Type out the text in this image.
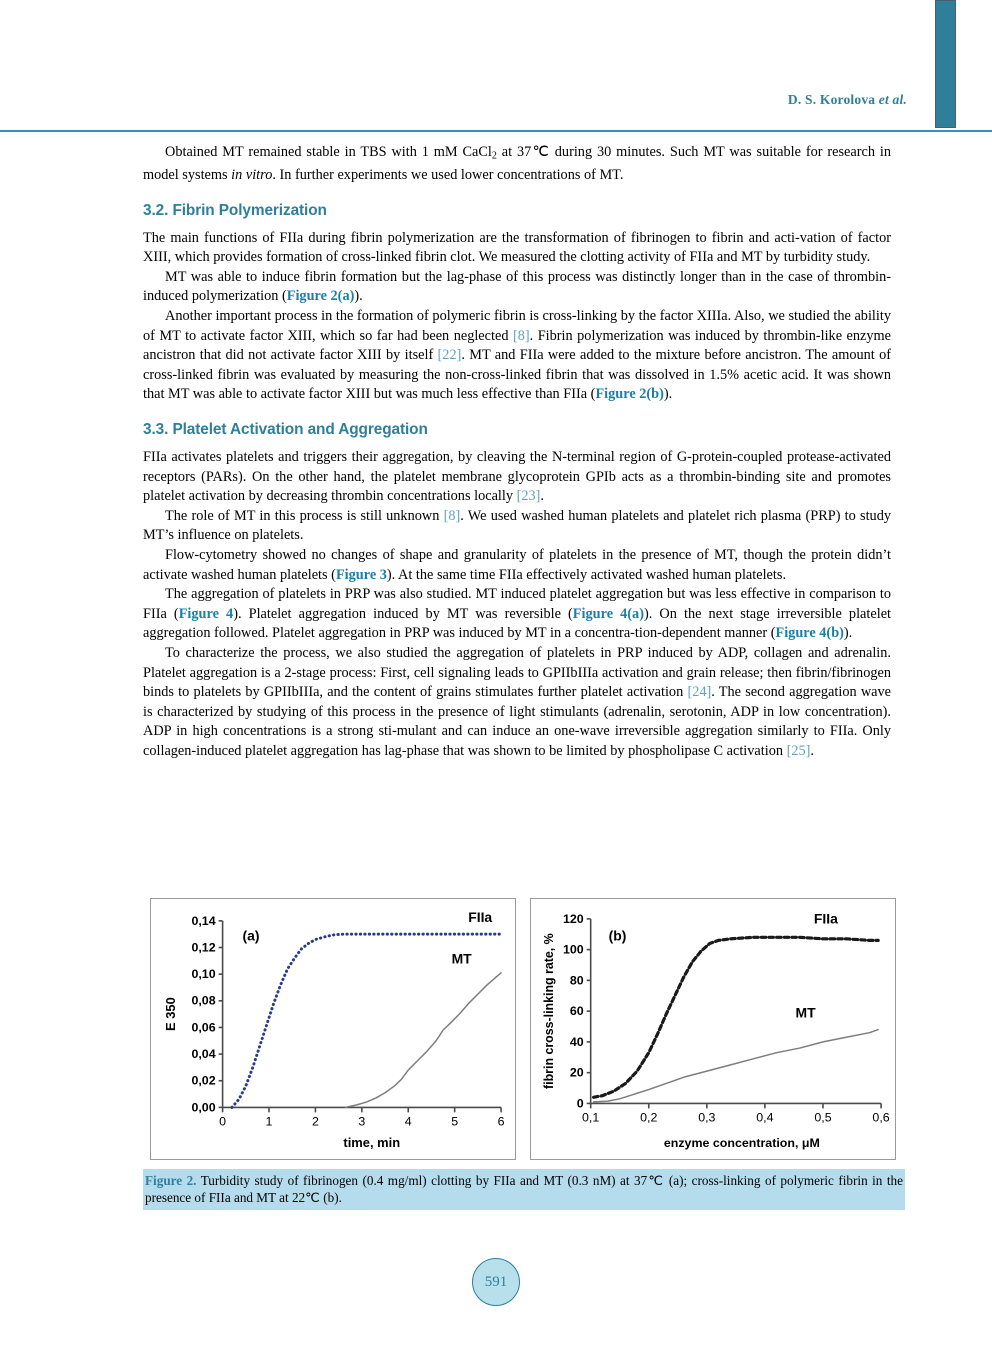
D. S. Korolova et al.

Obtained MT remained stable in TBS with 1 mM CaCl$_2$ at 37℃ during 30 minutes. Such MT was suitable for research in model systems in vitro. In further experiments we used lower concentrations of MT.

3.2. Fibrin Polymerization

The main functions of FIIa during fibrin polymerization are the transformation of fibrinogen to fibrin and acti-vation of factor XIII, which provides formation of cross-linked fibrin clot. We measured the clotting activity of FIIa and MT by turbidity study.

MT was able to induce fibrin formation but the lag-phase of this process was distinctly longer than in the case of thrombin-induced polymerization (Figure 2(a)).

Another important process in the formation of polymeric fibrin is cross-linking by the factor XIIIa. Also, we studied the ability of MT to activate factor XIII, which so far had been neglected [8]. Fibrin polymerization was induced by thrombin-like enzyme ancistron that did not activate factor XIII by itself [22]. MT and FIIa were added to the mixture before ancistron. The amount of cross-linked fibrin was evaluated by measuring the non-cross-linked fibrin that was dissolved in 1.5% acetic acid. It was shown that MT was able to activate factor XIII but was much less effective than FIIa (Figure 2(b)).

3.3. Platelet Activation and Aggregation

FIIa activates platelets and triggers their aggregation, by cleaving the N-terminal region of G-protein-coupled protease-activated receptors (PARs). On the other hand, the platelet membrane glycoprotein GPIb acts as a thrombin-binding site and promotes platelet activation by decreasing thrombin concentrations locally [23].

The role of MT in this process is still unknown [8]. We used washed human platelets and platelet rich plasma (PRP) to study MT’s influence on platelets.

Flow-cytometry showed no changes of shape and granularity of platelets in the presence of MT, though the protein didn’t activate washed human platelets (Figure 3). At the same time FIIa effectively activated washed human platelets.

The aggregation of platelets in PRP was also studied. MT induced platelet aggregation but was less effective in comparison to FIIa (Figure 4). Platelet aggregation induced by MT was reversible (Figure 4(a)). On the next stage irreversible platelet aggregation followed. Platelet aggregation in PRP was induced by MT in a concentra-tion-dependent manner (Figure 4(b)).

To characterize the process, we also studied the aggregation of platelets in PRP induced by ADP, collagen and adrenalin. Platelet aggregation is a 2-stage process: First, cell signaling leads to GPIIbIIIa activation and grain release; then fibrin/fibrinogen binds to platelets by GPIIbIIIa, and the content of grains stimulates further platelet activation [24]. The second aggregation wave is characterized by studying of this process in the presence of light stimulants (adrenalin, serotonin, ADP in low concentration). ADP in high concentrations is a strong sti-mulant and can induce an one-wave irreversible aggregation similarly to FIIa. Only collagen-induced platelet aggregation has lag-phase that was shown to be limited by phospholipase C activation [25].

0,00
0,02
0,04
0,06
0,08
0,10
0,12
0,14
0	1	2	3	4	5	6
FIIa
MT
(a)
time, min
E 350
0
20
40
60
80
100
120
0,1	0,2	0,3	0,4	0,5	0,6
FIIa
MT
(b)
enzyme concentration, μM
fibrin cross-linking rate, %
Figure 2. Turbidity study of fibrinogen (0.4 mg/ml) clotting by FIIa and MT (0.3 nM) at 37℃ (a); cross-linking of polymeric fibrin in the presence of FIIa and MT at 22℃ (b).
591
